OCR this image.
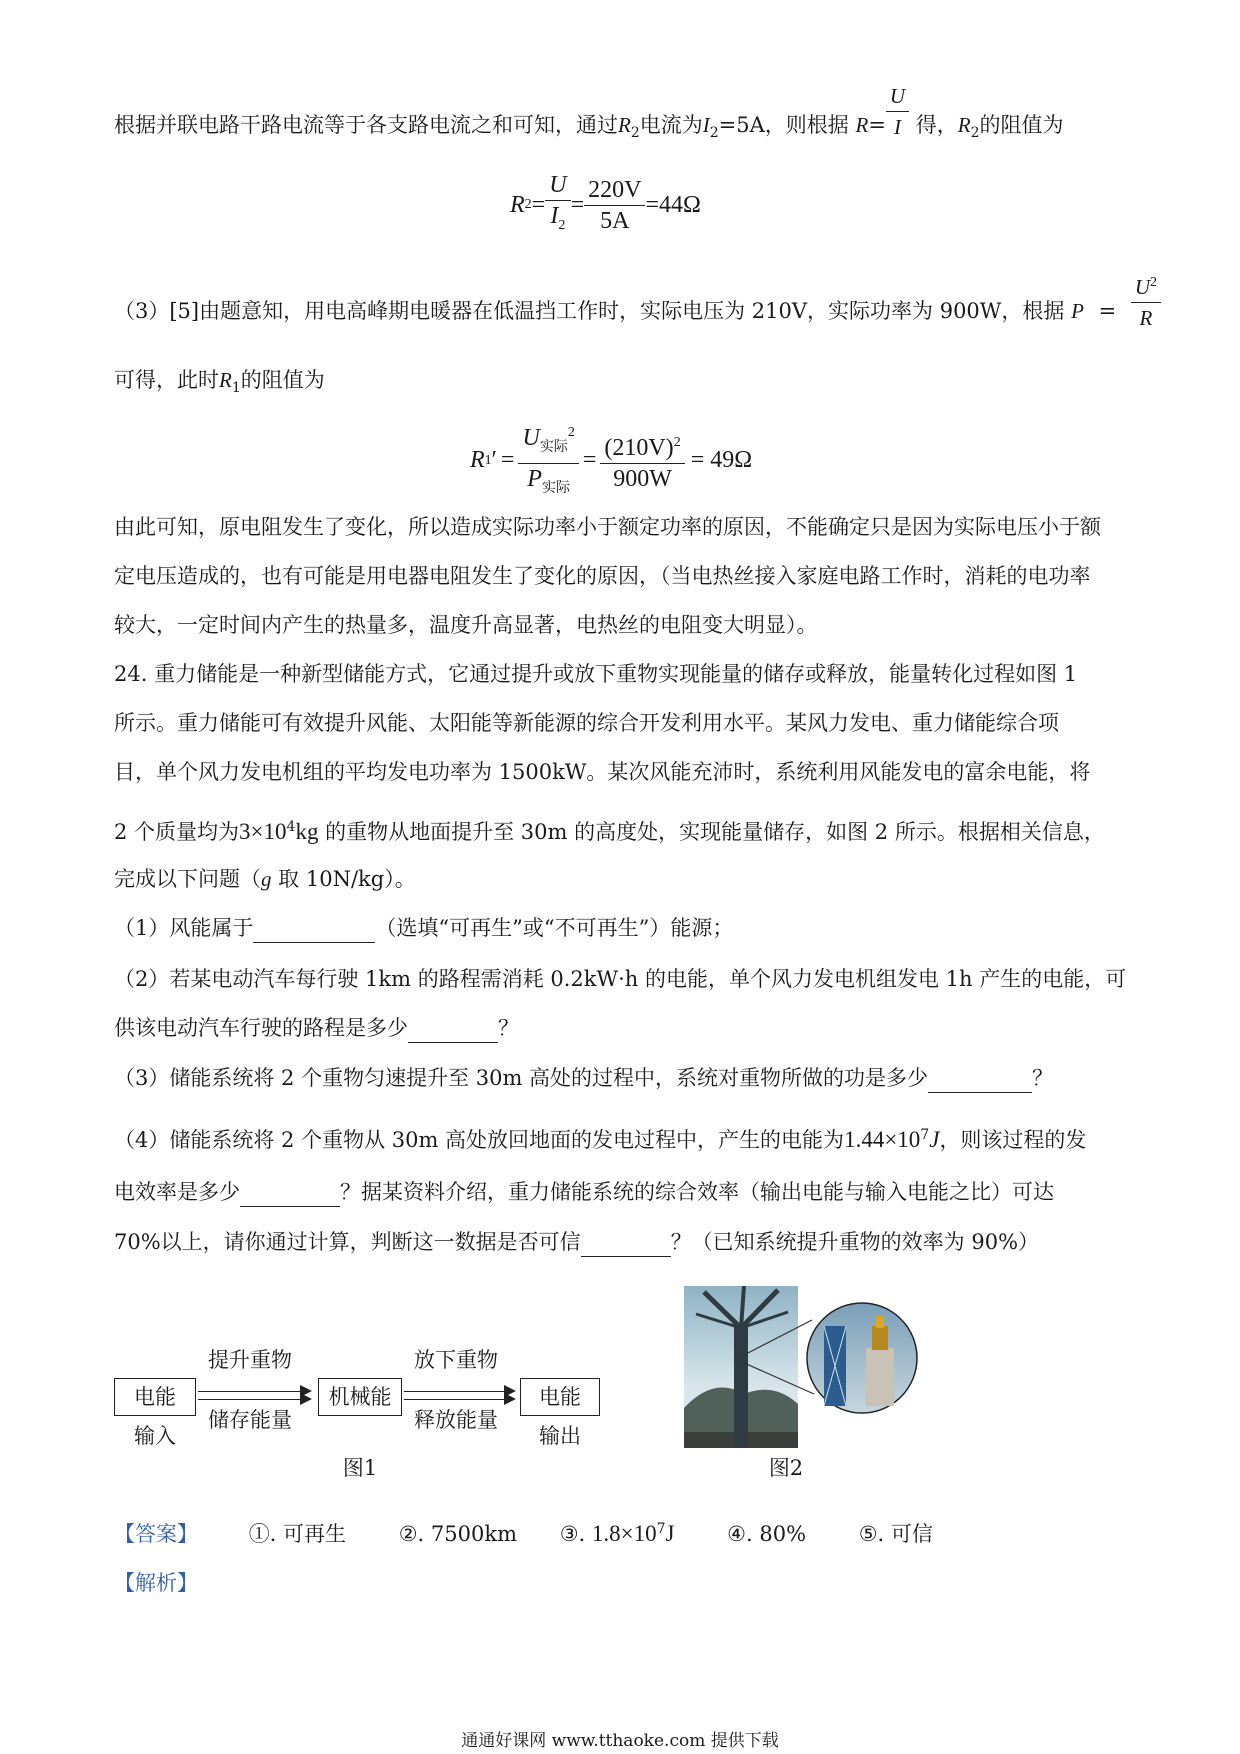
根据并联电路干路电流等于各支路电流之和可知，通过$R_2$电流为$I_2=5A$，则根据 $R= \frac{U}{I}$ 得，$R_2$的阻值为
R $2 = \frac{U}{I_2} = \frac{220V}{5A} =44\Omega$
（3）[5]由题意知，用电高峰期电暖器在低温挡工作时，实际电压为 210V，实际功率为 900W，根据 $P = \frac{U^2}{R}$
可得，此时$R_1$的阻值为
R 1 ′ = $\frac{U_{实际}^2}{P_{实际}} = \frac{(210V)^2}{900W} = 49\Omega$
由此可知，原电阻发生了变化，所以造成实际功率小于额定功率的原因，不能确定只是因为实际电压小于额
定电压造成的，也有可能是用电器电阻发生了变化的原因，（当电热丝接入家庭电路工作时，消耗的电功率
较大，一定时间内产生的热量多，温度升高显著，电热丝的电阻变大明显）。
24. 重力储能是一种新型储能方式，它通过提升或放下重物实现能量的储存或释放，能量转化过程如图 1
所示。重力储能可有效提升风能、太阳能等新能源的综合开发利用水平。某风力发电、重力储能综合项
目，单个风力发电机组的平均发电功率为 1500kW。某次风能充沛时，系统利用风能发电的富余电能，将
2 个质量均为$3\times 10^4kg$ 的重物从地面提升至 30m 的高度处，实现能量储存，如图 2 所示。根据相关信息，
完成以下问题（g 取 10N/kg）。
（1）风能属于	（选填“可再生”或“不可再生”）能源；
（2）若某电动汽车每行驶 1km 的路程需消耗 0.2kW·h 的电能，单个风力发电机组发电 1h 产生的电能，可
供该电动汽车行驶的路程是多少	？
（3）储能系统将 2 个重物匀速提升至 30m 高处的过程中，系统对重物所做的功是多少	？
（4）储能系统将 2 个重物从 30m 高处放回地面的发电过程中，产生的电能为$1.44\times 10^7J$，则该过程的发
电效率是多少	？据某资料介绍，重力储能系统的综合效率（输出电能与输入电能之比）可达
70%以上，请你通过计算，判断这一数据是否可信	？（已知系统提升重物的效率为 90%）
电能
输入
提升重物
储存能量
机械能
放下重物
释放能量
电能
输出
图1	图2
【答案】 ①. 可再生	②. 7500km ③. $1.8\times 10^7J$	④. 80%	⑤. 可信
【解析】
通通好课网 www.tthaoke.com 提供下载
